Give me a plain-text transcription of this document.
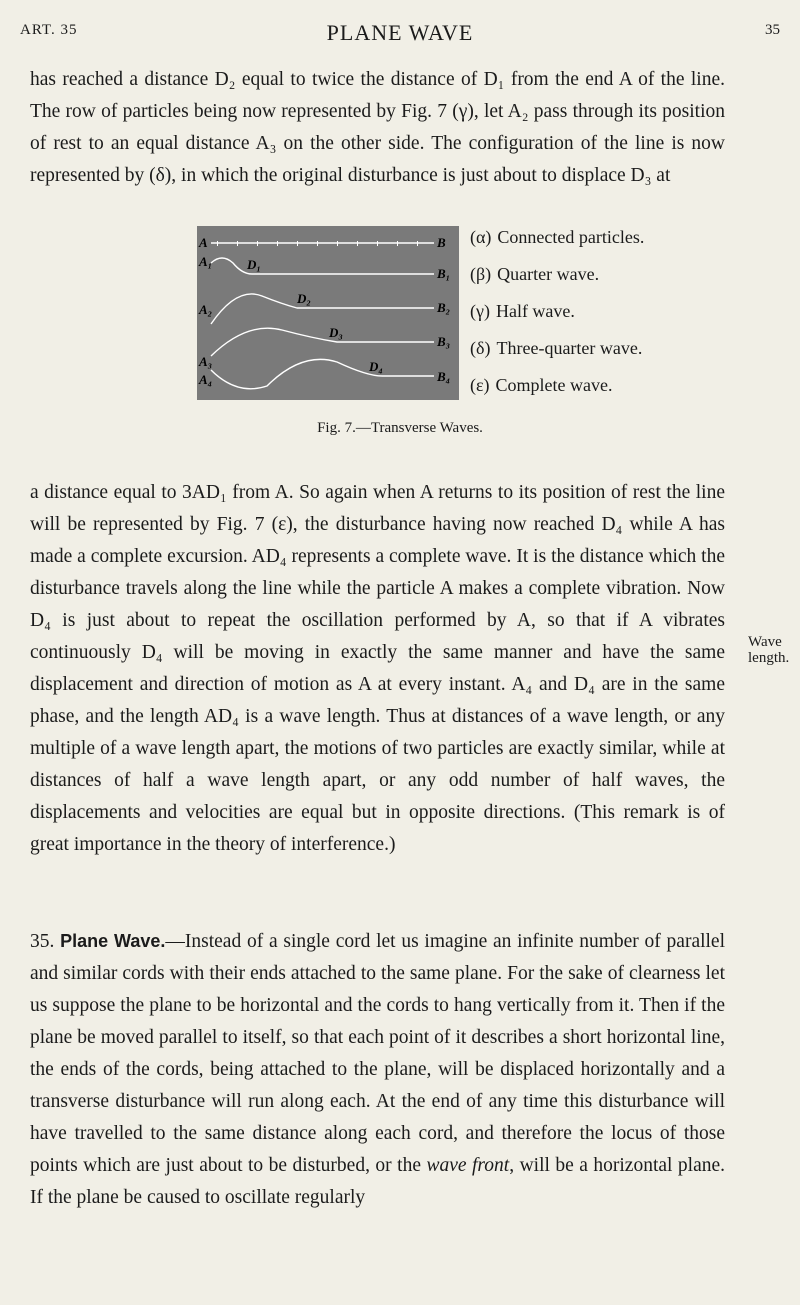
ART. 35	PLANE WAVE	35

has reached a distance D₂ equal to twice the distance of D₁ from the end A of the line. The row of particles being now represented by Fig. 7 (γ), let A₂ pass through its position of rest to an equal distance A₃ on the other side. The configuration of the line is now represented by (δ), in which the original disturbance is just about to displace D₃ at

A	B
A₁	D₁
B₁
A₂
D₂
B₂
A₃
D₃
B₃
A₄
D₄
B₄
(α) Connected particles.
(β) Quarter wave.
(γ) Half wave.
(δ) Three-quarter wave.
(ε) Complete wave.
Fig. 7.—Transverse Waves.

a distance equal to 3AD₁ from A. So again when A returns to its position of rest the line will be represented by Fig. 7 (ε), the disturbance having now reached D₄ while A has made a complete excursion. AD₄ represents a complete wave. It is the distance which the disturbance travels along the line while the particle A makes a complete vibration. Now D₄ is just about to repeat the oscillation performed by A, so that if A vibrates continuously D₄ will be moving in exactly the same manner and have the same displacement and direction of motion as A at every instant. A₄ and D₄ are in the same phase, and the length AD₄ is a wave length. Thus at distances of a wave length, or any multiple of a wave length apart, the motions of two particles are exactly similar, while at distances of half a wave length apart, or any odd number of half waves, the displacements and velocities are equal but in opposite directions. (This remark is of great importance in the theory of interference.)

Wave length.

35. Plane Wave.—Instead of a single cord let us imagine an infinite number of parallel and similar cords with their ends attached to the same plane. For the sake of clearness let us suppose the plane to be horizontal and the cords to hang vertically from it. Then if the plane be moved parallel to itself, so that each point of it describes a short horizontal line, the ends of the cords, being attached to the plane, will be displaced horizontally and a transverse disturbance will run along each. At the end of any time this disturbance will have travelled to the same distance along each cord, and therefore the locus of those points which are just about to be disturbed, or the wave front, will be a horizontal plane. If the plane be caused to oscillate regularly
